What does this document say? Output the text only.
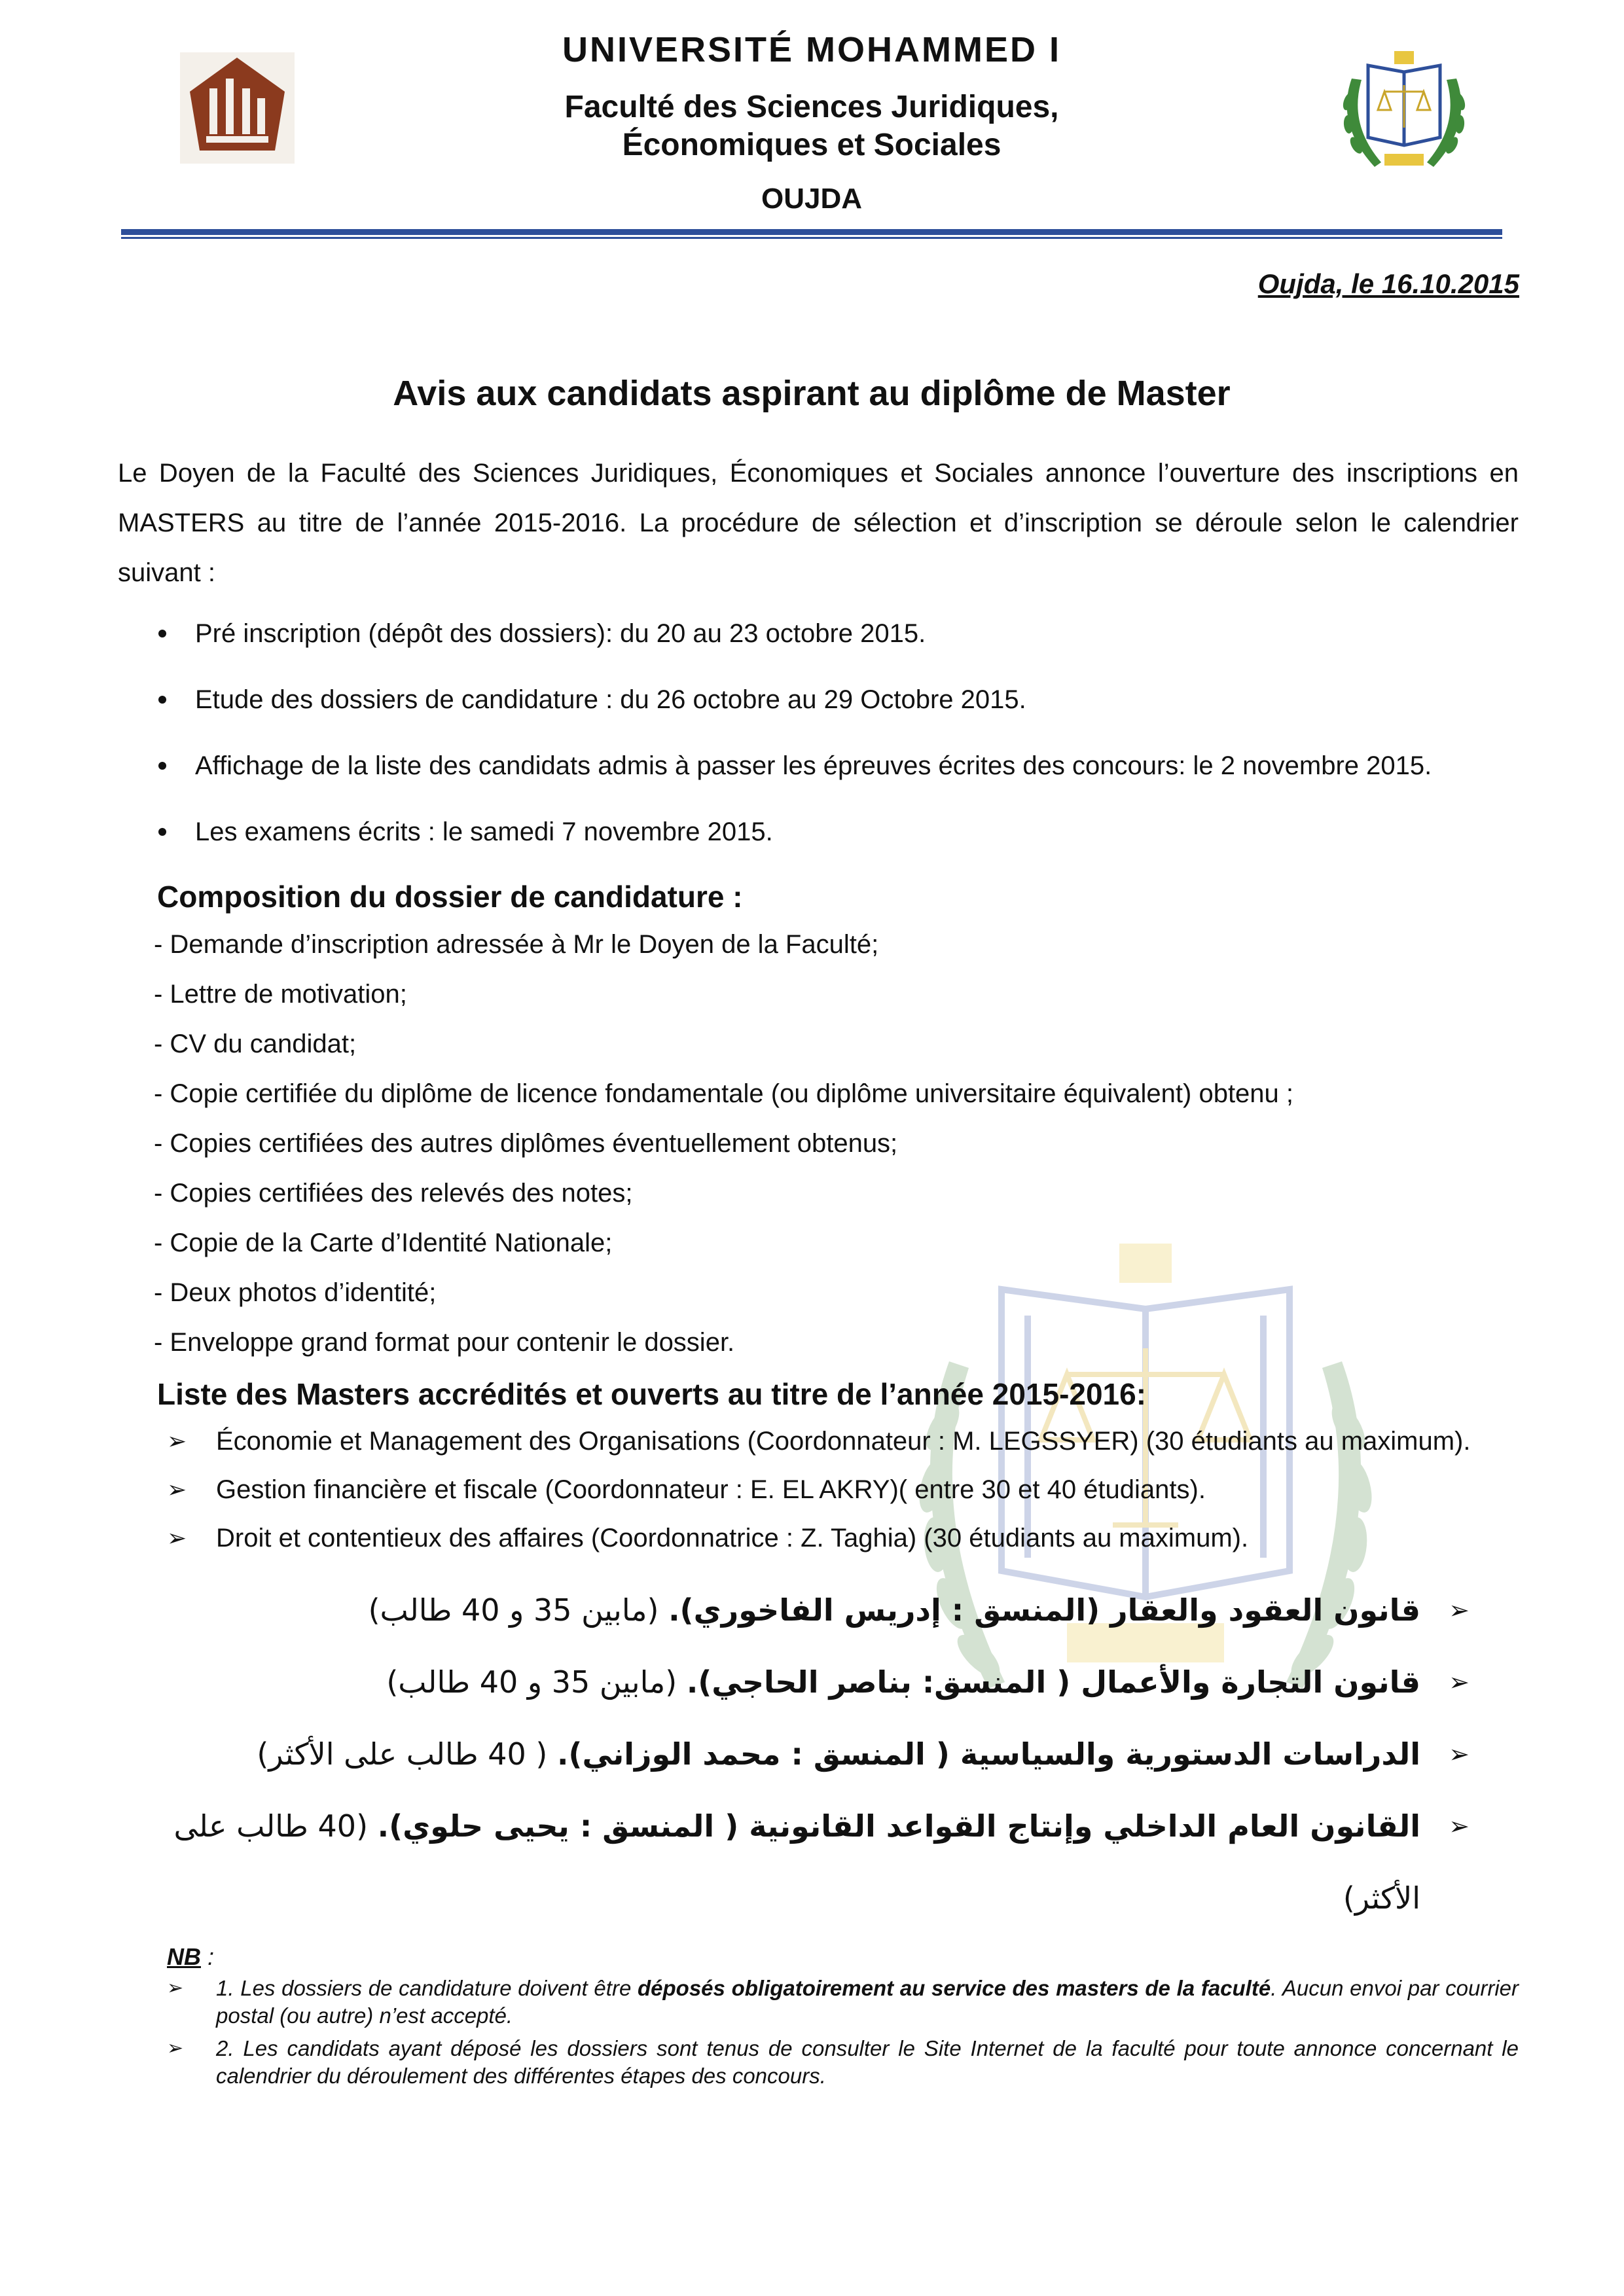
UNIVERSITÉ MOHAMMED I
Faculté des Sciences Juridiques,
Économiques et Sociales
OUJDA
Oujda, le 16.10.2015
Avis aux candidats aspirant au diplôme de Master

Le Doyen de la Faculté des Sciences Juridiques, Économiques et Sociales annonce l’ouverture des inscriptions en MASTERS au titre de l’année 2015-2016. La procédure de sélection et d’inscription se déroule selon le calendrier suivant :

Pré inscription (dépôt des dossiers): du 20 au 23 octobre 2015.
Etude des dossiers de candidature : du 26 octobre au 29 Octobre 2015.
Affichage de la liste des candidats admis à passer les épreuves écrites des concours: le 2 novembre 2015.
Les examens écrits : le samedi 7 novembre 2015.
Composition du dossier de candidature :
- Demande d’inscription adressée à Mr le Doyen de la Faculté;
- Lettre de motivation;
- CV du candidat;
- Copie certifiée du diplôme de licence fondamentale (ou diplôme universitaire équivalent) obtenu ;
- Copies certifiées des autres diplômes éventuellement obtenus;
- Copies certifiées des relevés des notes;
- Copie de la Carte d’Identité Nationale;
- Deux photos d’identité;
- Enveloppe grand format pour contenir le dossier.
Liste des Masters accrédités et ouverts au titre de l’année 2015-2016:
➢ Économie et Management des Organisations (Coordonnateur : M. LEGSSYER) (30 étudiants au maximum).
➢ Gestion financière et fiscale (Coordonnateur : E. EL AKRY)( entre 30 et 40 étudiants).
➢ Droit et contentieux des affaires (Coordonnatrice : Z. Taghia) (30 étudiants au maximum).
➢
قانون العقود والعقار (المنسق : إدريس الفاخوري). (مابين 35 و 40 طالب)
➢
قانون التجارة والأعمال ( المنسق: بناصر الحاجي). (مابين 35 و 40 طالب)
➢
الدراسات الدستورية والسياسية ( المنسق : محمد الوزاني). ( 40 طالب على الأكثر)
➢
القانون العام الداخلي وإنتاج القواعد القانونية ( المنسق : يحيى حلوي). (40 طالب على الأكثر)
NB :
➢ 1. Les dossiers de candidature doivent être déposés obligatoirement au service des masters de la faculté. Aucun envoi par courrier postal (ou autre) n’est accepté.
➢ 2. Les candidats ayant déposé les dossiers sont tenus de consulter le Site Internet de la faculté pour toute annonce concernant le calendrier du déroulement des différentes étapes des concours.
